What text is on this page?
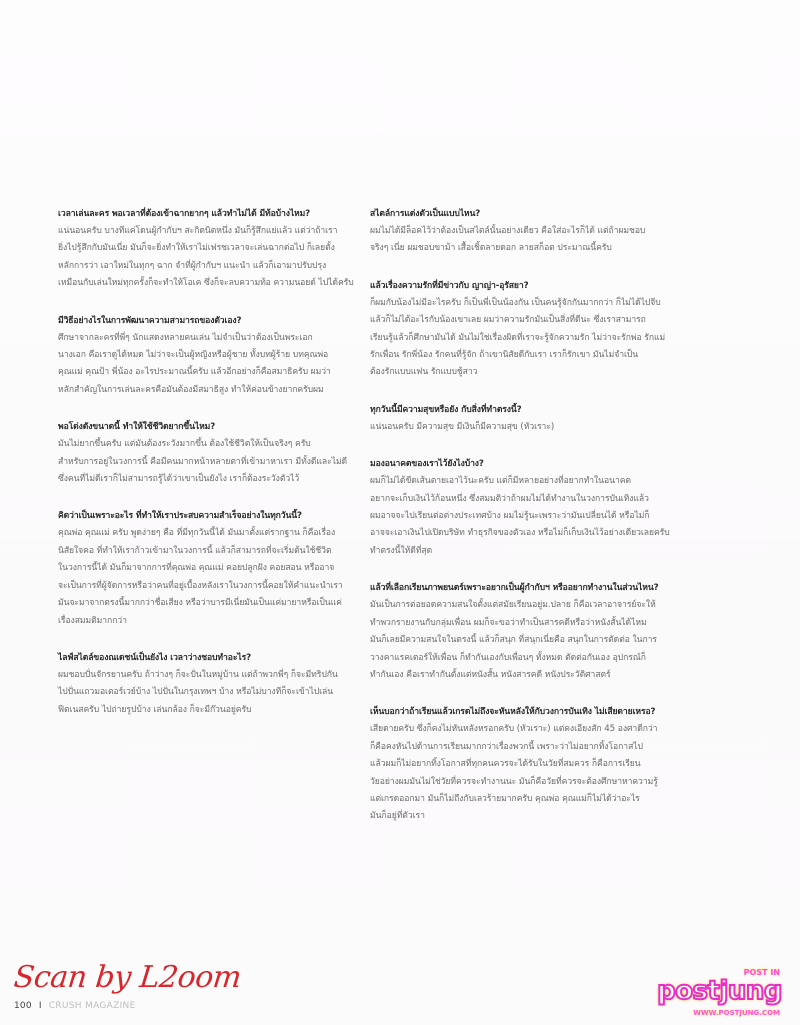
เวลาเล่นละคร พอเวลาที่ต้องเข้าฉากยากๆ แล้วทำไม่ได้ มีท้อบ้างไหม?
แน่นอนครับ บางทีแค่โดนผู้กำกับฯ สะกิดนิดหนึ่ง มันก็รู้สึกแย่แล้ว แต่ว่าถ้าเรา
ยิ่งไปรู้สึกกับมันเนี่ย มันก็จะยิ่งทำให้เราไม่เฟรชเวลาจะเล่นฉากต่อไป ก็เลยตั้ง
หลักการว่า เอาใหม่ในทุกๆ ฉาก จำที่ผู้กำกับฯ แนะนำ แล้วก็เอามาปรับปรุง
เหมือนกับเล่นใหม่ทุกครั้งก็จะทำให้โอเค ซึ่งก็จะลบความท้อ ความนอยด์ ไปได้ครับ
มีวิธีอย่างไรในการพัฒนาความสามารถของตัวเอง?
ศึกษาจากละครที่พี่ๆ นักแสดงหลายคนเล่น ไม่จำเป็นว่าต้องเป็นพระเอก
นางเอก คือเราดูได้หมด ไม่ว่าจะเป็นผู้หญิงหรือผู้ชาย ทั้งบทผู้ร้าย บทคุณพ่อ
คุณแม่ คุณป้า พี่น้อง อะไรประมาณนี้ครับ แล้วอีกอย่างก็คือสมาธิครับ ผมว่า
หลักสำคัญในการเล่นละครคือมันต้องมีสมาธิสูง ทำให้ค่อนข้างยากครับผม
พอโด่งดังขนาดนี้ ทำให้ใช้ชีวิตยากขึ้นไหม?
มันไม่ยากขึ้นครับ แต่มันต้องระวังมากขึ้น ต้องใช้ชีวิตให้เป็นจริงๆ ครับ
สำหรับการอยู่ในวงการนี้ คือมีคนมากหน้าหลายตาที่เข้ามาหาเรา มีทั้งดีและไม่ดี
ซึ่งคนที่ไม่ดีเราก็ไม่สามารถรู้ได้ว่าเขาเป็นยังไง เราก็ต้องระวังตัวไว้
คิดว่าเป็นเพราะอะไร ที่ทำให้เราประสบความสำเร็จอย่างในทุกวันนี้?
คุณพ่อ คุณแม่ ครับ พูดง่ายๆ คือ ที่มีทุกวันนี้ได้ มันมาตั้งแต่รากฐาน ก็คือเรื่อง
นิสัยใจคอ ที่ทำให้เราก้าวเข้ามาในวงการนี้ แล้วก็สามารถที่จะเริ่มต้นใช้ชีวิต
ในวงการนี้ได้ มันก็มาจากการที่คุณพ่อ คุณแม่ คอยปลูกฝัง คอยสอน หรืออาจ
จะเป็นการที่ผู้จัดการหรือว่าคนที่อยู่เบื้องหลังเราในวงการนี้คอยให้คำแนะนำเรา
มันจะมาจากตรงนี้มากกว่าชื่อเสียง หรือว่าบารมีเนี่ยมันเป็นแค่มายาหรือเป็นแค่
เรื่องสมมติมากกว่า
ไลฟ์สไตล์ของณเดชน์เป็นยังไง เวลาว่างชอบทำอะไร?
ผมชอบปั่นจักรยานครับ ถ้าว่างๆ ก็จะปั่นในหมู่บ้าน แต่ถ้าพวกพี่ๆ ก็จะมีทริปกัน
ไปปั่นแถวมอเตอร์เวย์บ้าง ไปปั่นในกรุงเทพฯ บ้าง หรือไม่บางทีก็จะเข้าไปเล่น
ฟิตเนสครับ ไปถ่ายรูปบ้าง เล่นกล้อง ก็จะมีก๊วนอยู่ครับ
สไตล์การแต่งตัวเป็นแบบไหน?
ผมไม่ได้มีล็อคไว้ว่าต้องเป็นสไตล์นั้นอย่างเดียว คือใส่อะไรก็ได้ แต่ถ้าผมชอบ
จริงๆ เนี่ย ผมชอบขาม้า เสื้อเชิ้ตลายดอก ลายสก็อต ประมาณนี้ครับ
แล้วเรื่องความรักที่มีข่าวกับ ญาญ่า-อุรัสยา?
ก็ผมกับน้องไม่มีอะไรครับ ก็เป็นพี่เป็นน้องกัน เป็นคนรู้จักกันมากกว่า ก็ไม่ได้ไปจีบ
แล้วก็ไม่ได้อะไรกับน้องเขาเลย ผมว่าความรักมันเป็นสิ่งที่ดีนะ ซึ่งเราสามารถ
เรียนรู้แล้วก็ศึกษามันได้ มันไม่ใช่เรื่องผิดที่เราจะรู้จักความรัก ไม่ว่าจะรักพ่อ รักแม่
รักเพื่อน รักพี่น้อง รักคนที่รู้จัก ถ้าเขานิสัยดีกับเรา เราก็รักเขา มันไม่จำเป็น
ต้องรักแบบแฟน รักแบบชู้สาว
ทุกวันนี้มีความสุขหรือยัง กับสิ่งที่ทำตรงนี้?
แน่นอนครับ มีความสุข มีเงินก็มีความสุข (หัวเราะ)
มองอนาคตของเราไว้ยังไงบ้าง?
ผมก็ไม่ได้ขีดเส้นตายเอาไว้นะครับ แต่ก็มีหลายอย่างที่อยากทำในอนาคต
อยากจะเก็บเงินไว้ก้อนหนึ่ง ซึ่งสมมติว่าถ้าผมไม่ได้ทำงานในวงการบันเทิงแล้ว
ผมอาจจะไปเรียนต่อต่างประเทศบ้าง ผมไม่รู้นะเพราะว่ามันเปลี่ยนได้ หรือไม่ก็
อาจจะเอาเงินไปเปิดบริษัท ทำธุรกิจของตัวเอง หรือไม่ก็เก็บเงินไว้อย่างเดียวเลยครับ
ทำตรงนี้ให้ดีที่สุด
แล้วที่เลือกเรียนภาพยนตร์เพราะอยากเป็นผู้กำกับฯ หรืออยากทำงานในส่วนไหน?
มันเป็นการต่อยอดความสนใจตั้งแต่สมัยเรียนอยู่ม.ปลาย ก็คือเวลาอาจารย์จะให้
ทำพวกรายงานกับกลุ่มเพื่อน ผมก็จะขอว่าทำเป็นสารคดีหรือว่าหนังสั้นได้ไหม
มันก็เลยมีความสนใจในตรงนี้ แล้วก็สนุก ที่สนุกเนี่ยคือ สนุกในการตัดต่อ ในการ
วางคาแรคเตอร์ให้เพื่อน ก็ทำกันเองกับเพื่อนๆ ทั้งหมด ตัดต่อกันเอง อุปกรณ์ก็
ทำกันเอง คือเราทำกันตั้งแต่หนังสั้น หนังสารคดี หนังประวัติศาสตร์
เห็นบอกว่าถ้าเรียนแล้วเกรดไม่ถึงจะหันหลังให้กับวงการบันเทิง ไม่เสียดายเหรอ?
เสียดายครับ ซึ่งก็คงไม่หันหลังหรอกครับ (หัวเราะ) แต่คงเอียงสัก 45 องศาดีกว่า
ก็คือคงหันไปด้านการเรียนมากกว่าเรื่องพวกนี้ เพราะว่าไม่อยากทิ้งโอกาสไป
แล้วผมก็ไม่อยากทิ้งโอกาสที่ทุกคนควรจะได้รับในวัยที่สมควร ก็คือการเรียน
วัยอย่างผมมันไม่ใช่วัยที่ควรจะทำงานนะ มันก็คือวัยที่ควรจะต้องศึกษาหาความรู้
แต่เกรดออกมา มันก็ไม่ถึงกับเลวร้ายมากครับ คุณพ่อ คุณแม่ก็ไม่ได้ว่าอะไร
มันก็อยู่ที่ตัวเรา
Scan by L2oom
100 I CRUSH MAGAZINE
POST IN
postjung
WWW.POSTJUNG.COM
